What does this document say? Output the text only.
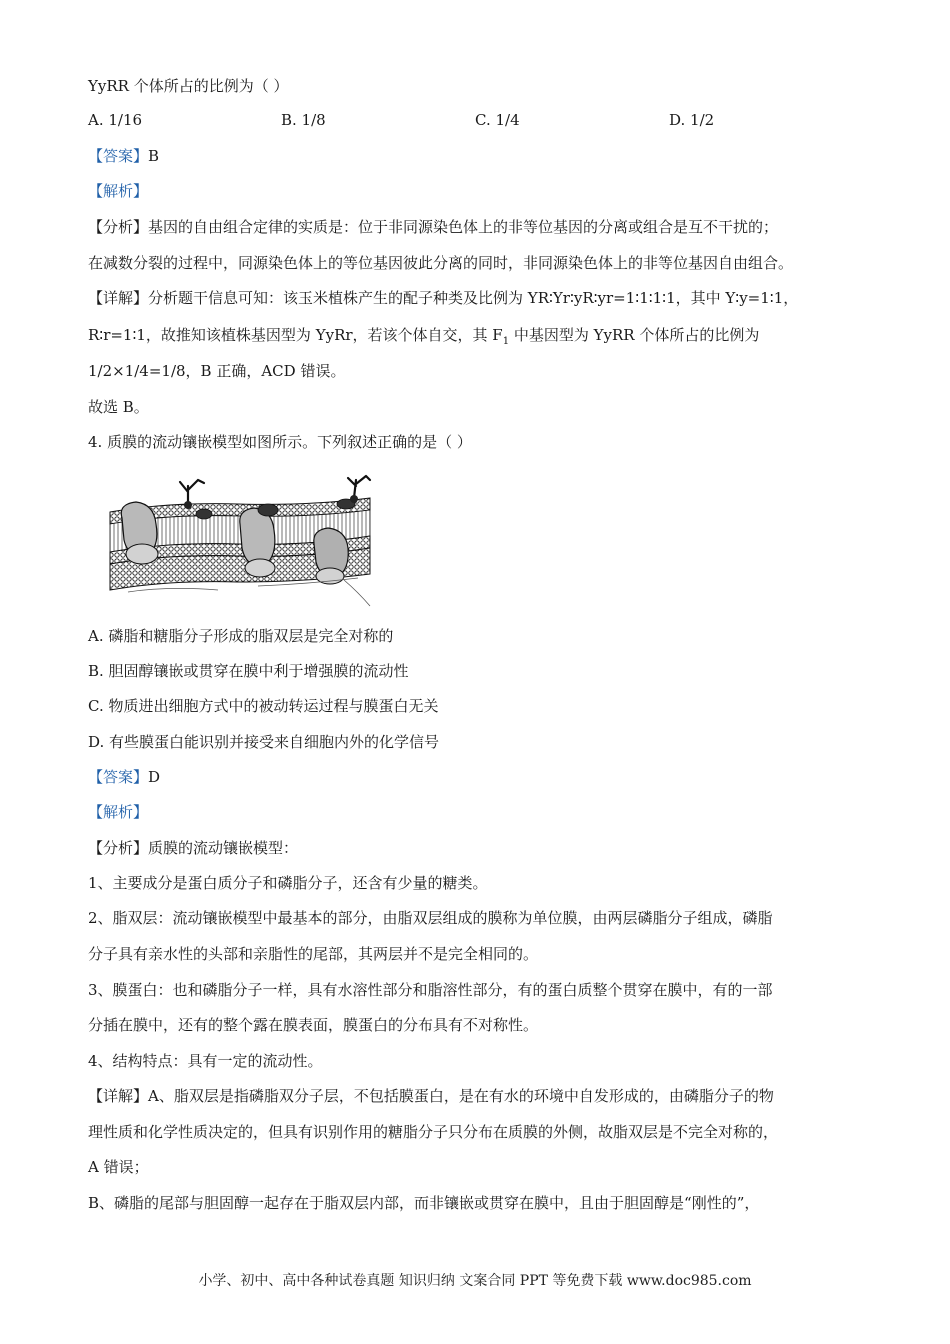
YyRR 个体所占的比例为（ ）
A. 1/16	B. 1/8	C. 1/4	D. 1/2
【答案】B
【解析】
【分析】基因的自由组合定律的实质是：位于非同源染色体上的非等位基因的分离或组合是互不干扰的；
在减数分裂的过程中，同源染色体上的等位基因彼此分离的同时，非同源染色体上的非等位基因自由组合。
【详解】分析题干信息可知：该玉米植株产生的配子种类及比例为 YR∶Yr∶yR∶yr=1∶1∶1∶1，其中 Y∶y=1∶1，
R∶r=1∶1，故推知该植株基因型为 YyRr，若该个体自交，其 $F_1$ 中基因型为 YyRR 个体所占的比例为
1/2×1/4=1/8，B 正确，ACD 错误。
故选 B。
4. 质膜的流动镶嵌模型如图所示。下列叙述正确的是（ ）
A. 磷脂和糖脂分子形成的脂双层是完全对称的
B. 胆固醇镶嵌或贯穿在膜中利于增强膜的流动性
C. 物质进出细胞方式中的被动转运过程与膜蛋白无关
D. 有些膜蛋白能识别并接受来自细胞内外的化学信号
【答案】D
【解析】
【分析】质膜的流动镶嵌模型：
1、主要成分是蛋白质分子和磷脂分子，还含有少量的糖类。
2、脂双层：流动镶嵌模型中最基本的部分，由脂双层组成的膜称为单位膜，由两层磷脂分子组成，磷脂
分子具有亲水性的头部和亲脂性的尾部，其两层并不是完全相同的。
3、膜蛋白：也和磷脂分子一样，具有水溶性部分和脂溶性部分，有的蛋白质整个贯穿在膜中，有的一部
分插在膜中，还有的整个露在膜表面，膜蛋白的分布具有不对称性。
4、结构特点：具有一定的流动性。
【详解】A、脂双层是指磷脂双分子层，不包括膜蛋白，是在有水的环境中自发形成的，由磷脂分子的物
理性质和化学性质决定的，但具有识别作用的糖脂分子只分布在质膜的外侧，故脂双层是不完全对称的，
A 错误；
B、磷脂的尾部与胆固醇一起存在于脂双层内部，而非镶嵌或贯穿在膜中，且由于胆固醇是“刚性的”，
小学、初中、高中各种试卷真题 知识归纳 文案合同 PPT 等免费下载 www.doc985.com
